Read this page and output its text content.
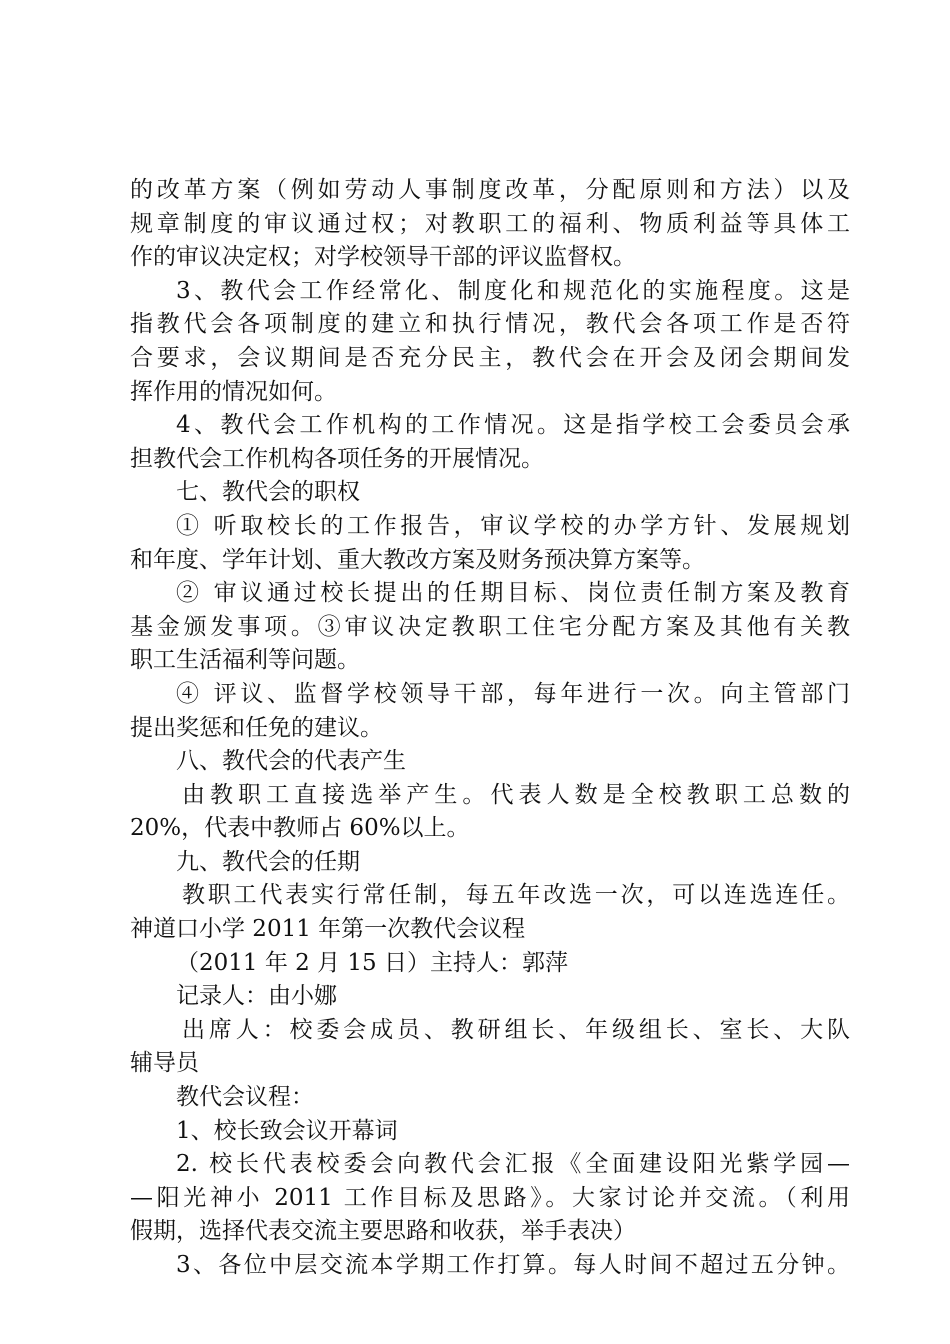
的改革方案（例如劳动人事制度改革，分配原则和方法）以及
规章制度的审议通过权；对教职工的福利、物质利益等具体工
作的审议决定权；对学校领导干部的评议监督权。
3、教代会工作经常化、制度化和规范化的实施程度。这是
指教代会各项制度的建立和执行情况，教代会各项工作是否符
合要求，会议期间是否充分民主，教代会在开会及闭会期间发
挥作用的情况如何。
4、教代会工作机构的工作情况。这是指学校工会委员会承
担教代会工作机构各项任务的开展情况。
七、教代会的职权
① 听取校长的工作报告，审议学校的办学方针、发展规划
和年度、学年计划、重大教改方案及财务预决算方案等。
② 审议通过校长提出的任期目标、岗位责任制方案及教育
基金颁发事项。③审议决定教职工住宅分配方案及其他有关教
职工生活福利等问题。
④ 评议、监督学校领导干部，每年进行一次。向主管部门
提出奖惩和任免的建议。
八、教代会的代表产生
由教职工直接选举产生。代表人数是全校教职工总数的
20%，代表中教师占 60%以上。
九、教代会的任期
教职工代表实行常任制，每五年改选一次，可以连选连任。
神道口小学 2011 年第一次教代会议程
（2011 年 2 月 15 日）主持人：郭萍
记录人：由小娜
出席人：校委会成员、教研组长、年级组长、室长、大队
辅导员
教代会议程：
1、校长致会议开幕词
2. 校长代表校委会向教代会汇报《全面建设阳光紫学园—
—阳光神小 2011 工作目标及思路》。大家讨论并交流。（利用
假期，选择代表交流主要思路和收获，举手表决）
3、各位中层交流本学期工作打算。每人时间不超过五分钟。
